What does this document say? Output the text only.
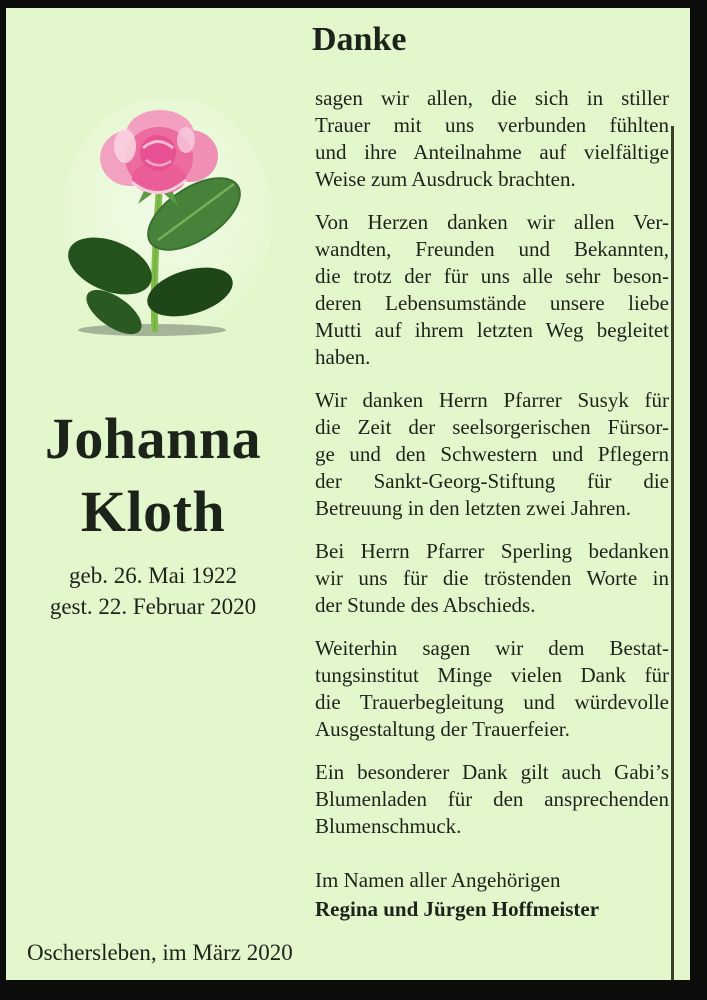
Danke
Johanna
Kloth
geb. 26. Mai 1922
gest. 22. Februar 2020
sagen wir allen, die sich in stiller
Trauer mit uns verbunden fühlten
und ihre Anteilnahme auf vielfältige
Weise zum Ausdruck brachten.
Von Herzen danken wir allen Ver-
wandten, Freunden und Bekannten,
die trotz der für uns alle sehr beson-
deren Lebensumstände unsere liebe
Mutti auf ihrem letzten Weg begleitet
haben.
Wir danken Herrn Pfarrer Susyk für
die Zeit der seelsorgerischen Fürsor-
ge und den Schwestern und Pflegern
der Sankt-Georg-Stiftung für die
Betreuung in den letzten zwei Jahren.
Bei Herrn Pfarrer Sperling bedanken
wir uns für die tröstenden Worte in
der Stunde des Abschieds.
Weiterhin sagen wir dem Bestat-
tungsinstitut Minge vielen Dank für
die Trauerbegleitung und würdevolle
Ausgestaltung der Trauerfeier.
Ein besonderer Dank gilt auch Gabi’s
Blumenladen für den ansprechenden
Blumenschmuck.
Im Namen aller Angehörigen
Regina und Jürgen Hoffmeister
Oschersleben, im März 2020
